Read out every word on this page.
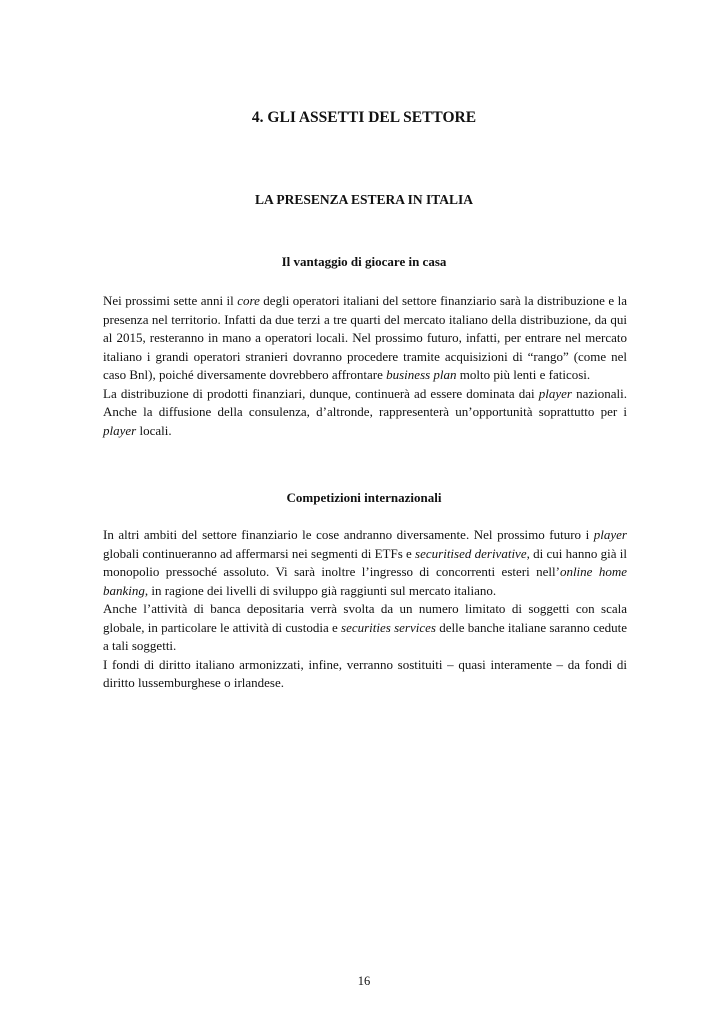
4. GLI ASSETTI DEL SETTORE
LA PRESENZA ESTERA IN ITALIA
Il vantaggio di giocare in casa

Nei prossimi sette anni il core degli operatori italiani del settore finanziario sarà la distribuzione e la presenza nel territorio. Infatti da due terzi a tre quarti del mercato italiano della distribuzione, da qui al 2015, resteranno in mano a operatori locali. Nel prossimo futuro, infatti, per entrare nel mercato italiano i grandi operatori stranieri dovranno procedere tramite acquisizioni di “rango” (come nel caso Bnl), poiché diversamente dovrebbero affrontare business plan molto più lenti e faticosi.

La distribuzione di prodotti finanziari, dunque, continuerà ad essere dominata dai player nazionali. Anche la diffusione della consulenza, d’altronde, rappresenterà un’opportunità soprattutto per i player locali.

Competizioni internazionali

In altri ambiti del settore finanziario le cose andranno diversamente. Nel prossimo futuro i player globali continueranno ad affermarsi nei segmenti di ETFs e securitised derivative, di cui hanno già il monopolio pressoché assoluto. Vi sarà inoltre l’ingresso di concorrenti esteri nell’online home banking, in ragione dei livelli di sviluppo già raggiunti sul mercato italiano.

Anche l’attività di banca depositaria verrà svolta da un numero limitato di soggetti con scala globale, in particolare le attività di custodia e securities services delle banche italiane saranno cedute a tali soggetti.

I fondi di diritto italiano armonizzati, infine, verranno sostituiti – quasi interamente – da fondi di diritto lussemburghese o irlandese.

16
